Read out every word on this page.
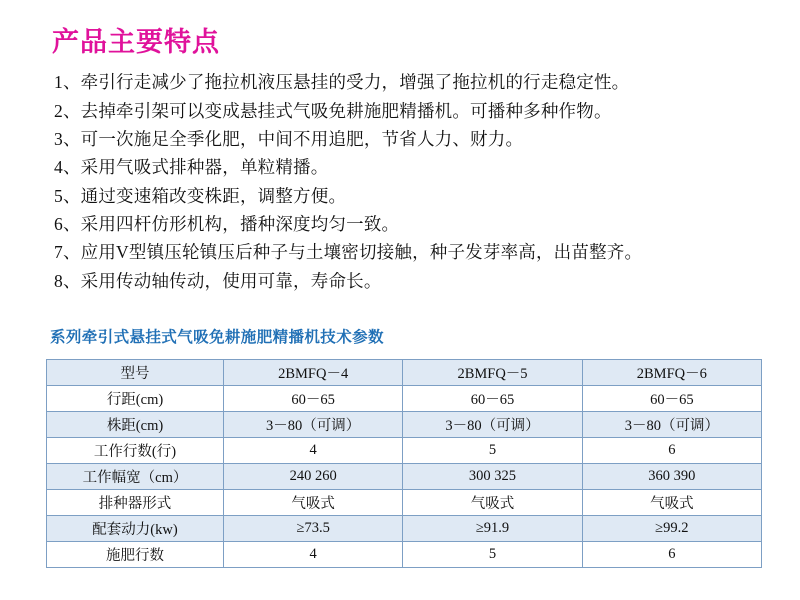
产品主要特点
1、牵引行走减少了拖拉机液压悬挂的受力，增强了拖拉机的行走稳定性。
2、去掉牵引架可以变成悬挂式气吸免耕施肥精播机。可播种多种作物。
3、可一次施足全季化肥，中间不用追肥，节省人力、财力。
4、采用气吸式排种器，单粒精播。
5、通过变速箱改变株距，调整方便。
6、采用四杆仿形机构，播种深度均匀一致。
7、应用V型镇压轮镇压后种子与土壤密切接触，种子发芽率高，出苗整齐。
8、采用传动轴传动，使用可靠，寿命长。
系列牵引式悬挂式气吸免耕施肥精播机技术参数
型号	2BMFQ－4	2BMFQ－5	2BMFQ－6
行距(cm)	60－65	60－65	60－65
株距(cm)	3－80（可调）	3－80（可调）	3－80（可调）
工作行数(行)	4	5	6
工作幅宽（cm）	240 260	300 325	360 390
排种器形式	气吸式	气吸式	气吸式
配套动力(kw)	≥73.5	≥91.9	≥99.2
施肥行数	4	5	6
